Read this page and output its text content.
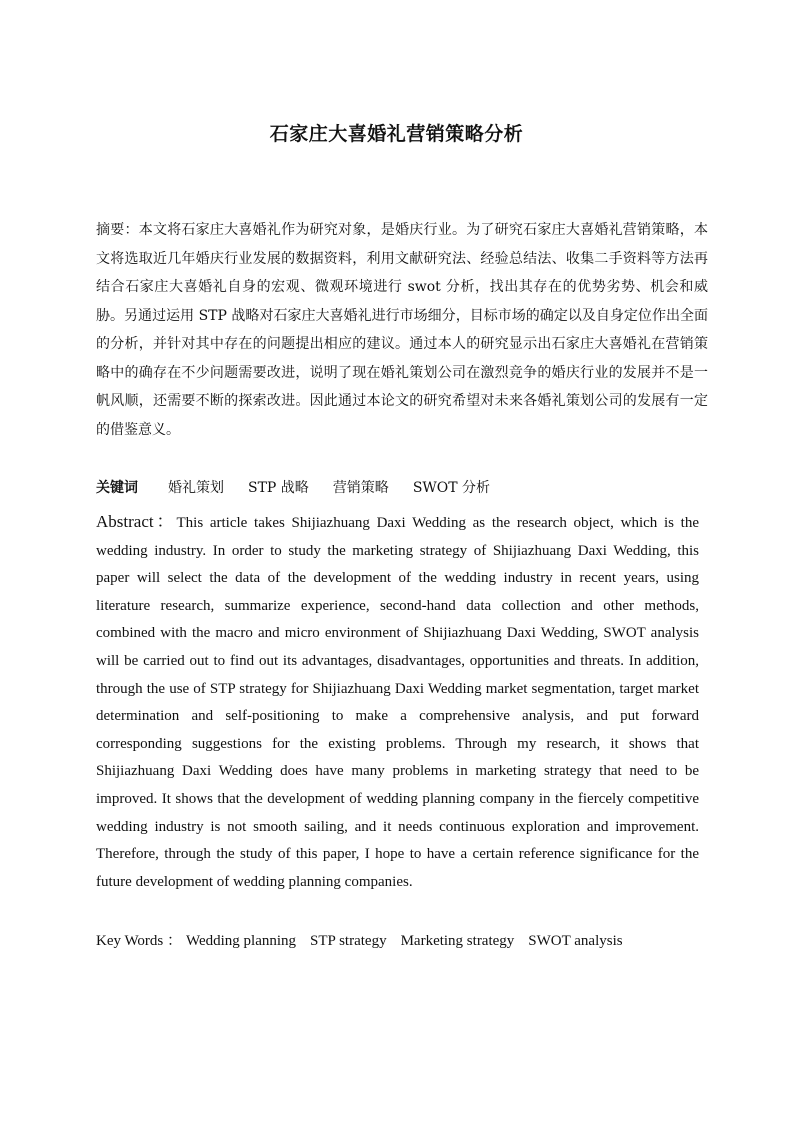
石家庄大喜婚礼营销策略分析
摘要：本文将石家庄大喜婚礼作为研究对象，是婚庆行业。为了研究石家庄大喜婚礼营销策略，本文将选取近几年婚庆行业发展的数据资料，利用文献研究法、经验总结法、收集二手资料等方法再结合石家庄大喜婚礼自身的宏观、微观环境进行 swot 分析，找出其存在的优势劣势、机会和威胁。另通过运用 STP 战略对石家庄大喜婚礼进行市场细分，目标市场的确定以及自身定位作出全面的分析，并针对其中存在的问题提出相应的建议。通过本人的研究显示出石家庄大喜婚礼在营销策略中的确存在不少问题需要改进，说明了现在婚礼策划公司在激烈竞争的婚庆行业的发展并不是一帆风顺，还需要不断的探索改进。因此通过本论文的研究希望对未来各婚礼策划公司的发展有一定的借鉴意义。
关键词 婚礼策划 STP 战略 营销策略 SWOT 分析
Abstract：This article takes Shijiazhuang Daxi Wedding as the research object, which is the wedding industry. In order to study the marketing strategy of Shijiazhuang Daxi Wedding, this paper will select the data of the development of the wedding industry in recent years, using literature research, summarize experience, second-hand data collection and other methods, combined with the macro and micro environment of Shijiazhuang Daxi Wedding, SWOT analysis will be carried out to find out its advantages, disadvantages, opportunities and threats. In addition, through the use of STP strategy for Shijiazhuang Daxi Wedding market segmentation, target market determination and self-positioning to make a comprehensive analysis, and put forward corresponding suggestions for the existing problems. Through my research, it shows that Shijiazhuang Daxi Wedding does have many problems in marketing strategy that need to be improved. It shows that the development of wedding planning company in the fiercely competitive wedding industry is not smooth sailing, and it needs continuous exploration and improvement. Therefore, through the study of this paper, I hope to have a certain reference significance for the future development of wedding planning companies.
Key Words ： Wedding planning STP strategy Marketing strategy SWOT analysis
